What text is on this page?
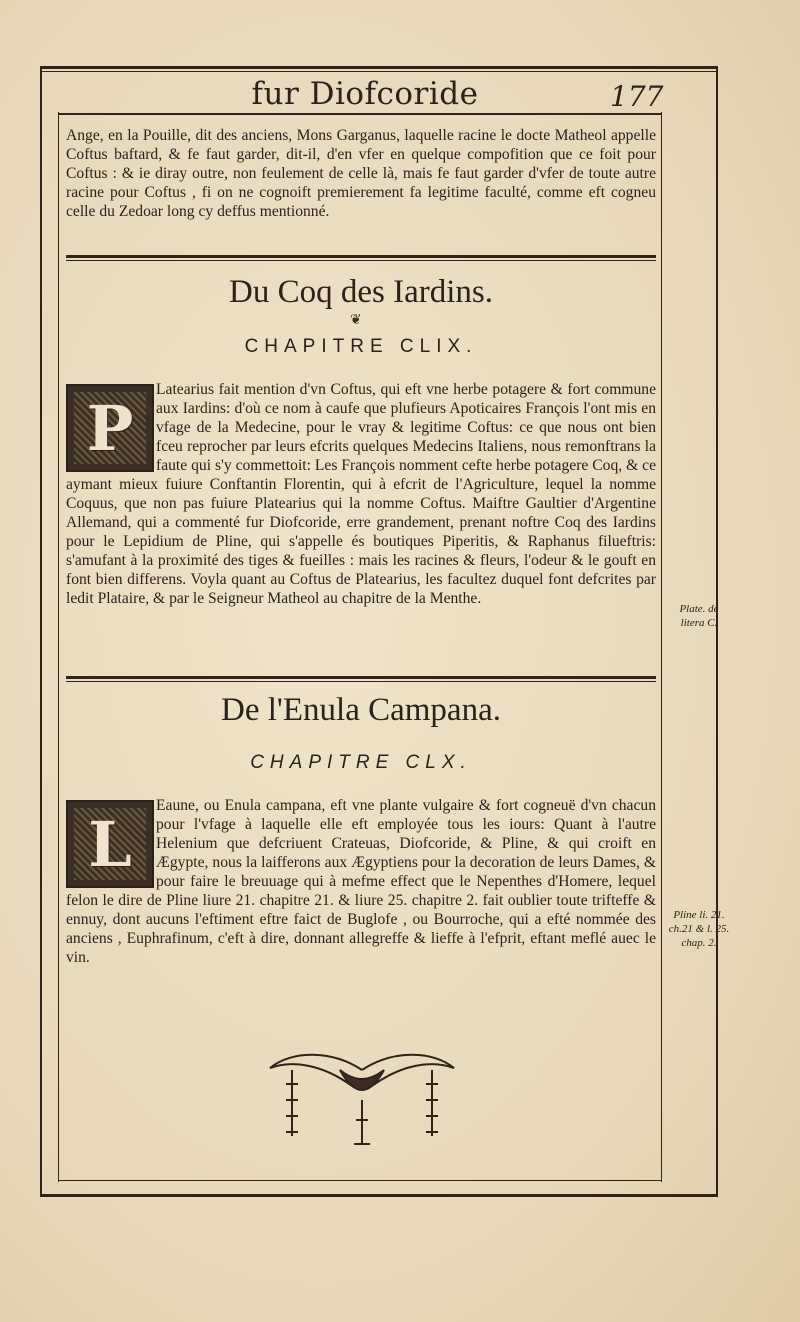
fur Diofcoride	177
Ange, en la Pouille, dit des anciens, Mons Garganus, laquelle racine le docte Matheol appelle Coftus baftard, & fe faut garder, dit-il, d'en vfer en quelque compofition que ce foit pour Coftus : & ie diray outre, non feulement de celle là, mais fe faut garder d'vfer de toute autre racine pour Coftus , fi on ne cognoift premierement fa legitime faculté, comme eft cogneu celle du Zedoar long cy deffus mentionné.
Du Coq des Iardins.
❦
CHAPITRE CLIX.
P
Latearius fait mention d'vn Coftus, qui eft vne herbe potagere & fort commune aux Iardins: d'où ce nom à caufe que plufieurs Apoticaires François l'ont mis en vfage de la Medecine, pour le vray & legitime Coftus: ce que nous ont bien fceu reprocher par leurs efcrits quelques Medecins Italiens, nous remonftrans la faute qui s'y commettoit: Les François nomment cefte herbe potagere Coq, & ce aymant mieux fuiure Conftantin Florentin, qui à efcrit de l'Agriculture, lequel la nomme Coquus, que non pas fuiure Platearius qui la nomme Coftus. Maiftre Gaultier d'Argentine Allemand, qui a commenté fur Diofcoride, erre grandement, prenant noftre Coq des Iardins pour le Lepidium de Pline, qui s'appelle és boutiques Piperitis, & Raphanus filueftris: s'amufant à la proximité des tiges & fueilles : mais les racines & fleurs, l'odeur & le gouft en font bien differens. Voyla quant au Coftus de Platearius, les facultez duquel font defcrites par ledit Plataire, & par le Seigneur Matheol au chapitre de la Menthe.
Plate. de litera C.
De l'Enula Campana.
CHAPITRE CLX.
L
Eaune, ou Enula campana, eft vne plante vulgaire & fort cogneuë d'vn chacun pour l'vfage à laquelle elle eft employée tous les iours: Quant à l'autre Helenium que defcriuent Crateuas, Diofcoride, & Pline, & qui croift en Ægypte, nous la laifferons aux Ægyptiens pour la decoration de leurs Dames, & pour faire le breuuage qui à mefme effect que le Nepenthes d'Homere, lequel felon le dire de Pline liure 21. chapitre 21. & liure 25. chapitre 2. fait oublier toute trifteffe & ennuy, dont aucuns l'eftiment eftre faict de Buglofe , ou Bourroche, qui a efté nommée des anciens , Euphrafinum, c'eft à dire, donnant allegreffe & lieffe à l'efprit, eftant meflé auec le vin.
Pline li. 21. ch.21 & l. 25. chap. 2.
